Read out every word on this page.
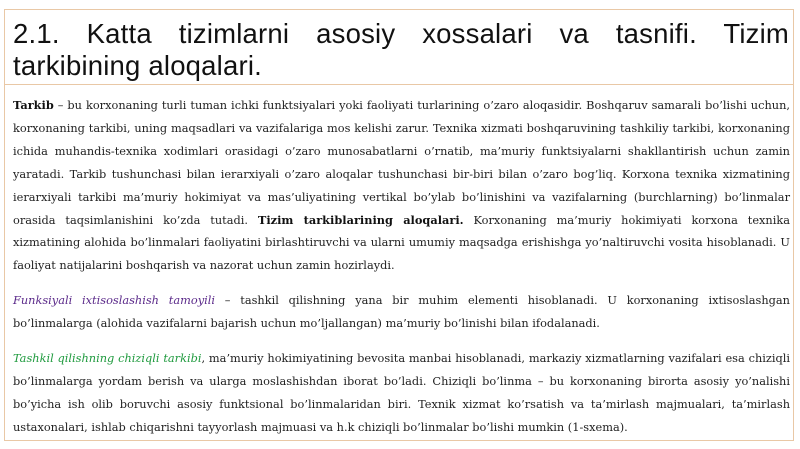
2.1. Katta tizimlarni asosiy xossalari va tasnifi. Tizim tarkibining aloqalari.

Tarkib – bu korxonaning turli tuman ichki funktsiyalari yoki faoliyati turlarining o’zaro aloqasidir. Boshqaruv samarali bo’lishi uchun, korxonaning tarkibi, uning maqsadlari va vazifalariga mos kelishi zarur. Texnika xizmati boshqaruvining tashkiliy tarkibi, korxonaning ichida muhandis-texnika xodimlari orasidagi o’zaro munosabatlarni o’rnatib, ma’muriy funktsiyalarni shakllantirish uchun zamin yaratadi. Tarkib tushunchasi bilan ierarxiyali o’zaro aloqalar tushunchasi bir-biri bilan o’zaro bog’liq. Korxona texnika xizmatining ierarxiyali tarkibi ma’muriy hokimiyat va mas’uliyatining vertikal bo’ylab bo’linishini va vazifalarning (burchlarning) bo’linmalar orasida taqsimlanishini ko’zda tutadi. Tizim tarkiblarining aloqalari. Korxonaning ma’muriy hokimiyati korxona texnika xizmatining alohida bo’linmalari faoliyatini birlashtiruvchi va ularni umumiy maqsadga erishishga yo’naltiruvchi vosita hisoblanadi. U faoliyat natijalarini boshqarish va nazorat uchun zamin hozirlaydi.

Funksiyali ixtisoslashish tamoyili – tashkil qilishning yana bir muhim elementi hisoblanadi. U korxonaning ixtisoslashgan bo’linmalarga (alohida vazifalarni bajarish uchun mo’ljallangan) ma’muriy bo’linishi bilan ifodalanadi.

Tashkil qilishning chiziqli tarkibi, ma’muriy hokimiyatining bevosita manbai hisoblanadi, markaziy xizmatlarning vazifalari esa chiziqli bo’linmalarga yordam berish va ularga moslashishdan iborat bo’ladi. Chiziqli bo’linma – bu korxonaning birorta asosiy yo’nalishi bo’yicha ish olib boruvchi asosiy funktsional bo’linmalaridan biri. Texnik xizmat ko’rsatish va ta’mirlash majmualari, ta’mirlash ustaxonalari, ishlab chiqarishni tayyorlash majmuasi va h.k chiziqli bo’linmalar bo’lishi mumkin (1-sxema).
